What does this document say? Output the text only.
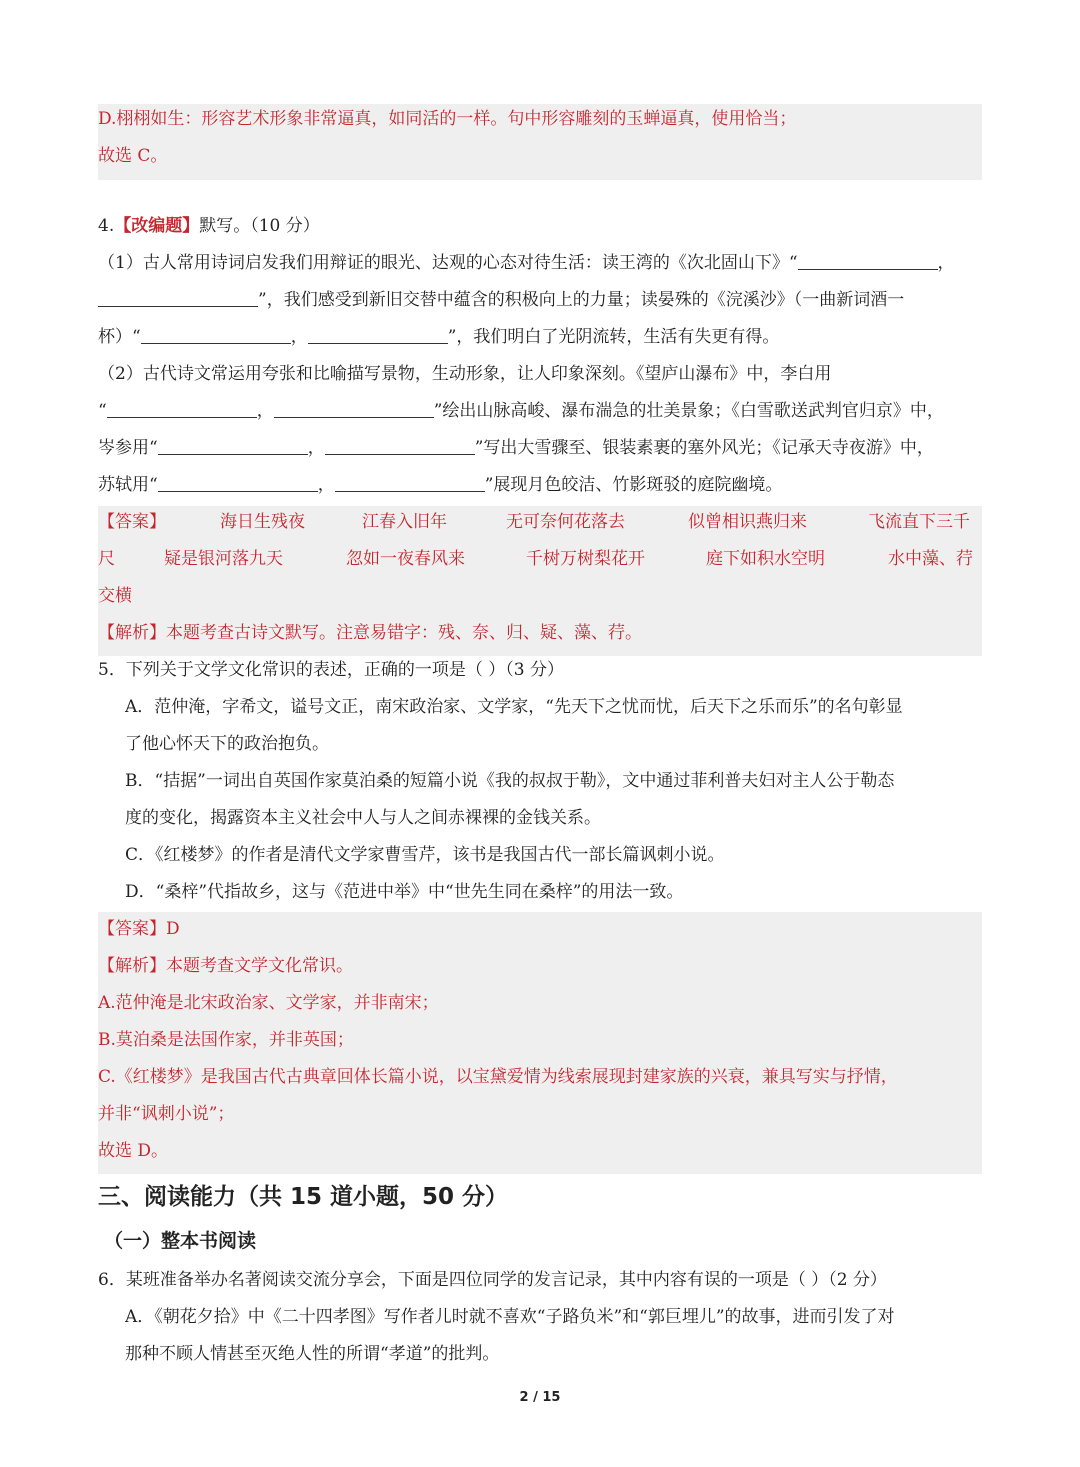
D.栩栩如生：形容艺术形象非常逼真，如同活的一样。句中形容雕刻的玉蝉逼真，使用恰当；
故选 C。
4.【改编题】默写。（10 分）
（1）古人常用诗词启发我们用辩证的眼光、达观的心态对待生活：读王湾的《次北固山下》“	，
”，我们感受到新旧交替中蕴含的积极向上的力量；读晏殊的《浣溪沙》（一曲新词酒一
杯）“	，	”，我们明白了光阴流转，生活有失更有得。
（2）古代诗文常运用夸张和比喻描写景物，生动形象，让人印象深刻。《望庐山瀑布》中，李白用
“	，	”绘出山脉高峻、瀑布湍急的壮美景象；《白雪歌送武判官归京》中，
岑参用“	，	”写出大雪骤至、银装素裹的塞外风光；《记承天寺夜游》中，
苏轼用“	，	”展现月色皎洁、竹影斑驳的庭院幽境。
【答案】	海日生残夜	江春入旧年	无可奈何花落去	似曾相识燕归来	飞流直下三千
尺	疑是银河落九天	忽如一夜春风来	千树万树梨花开	庭下如积水空明	水中藻、荇
交横
【解析】本题考查古诗文默写。注意易错字：残、奈、归、疑、藻、荇。
5．下列关于文学文化常识的表述，正确的一项是（ ）（3 分）
A．范仲淹，字希文，谥号文正，南宋政治家、文学家，“先天下之忧而忧，后天下之乐而乐”的名句彰显
了他心怀天下的政治抱负。
B．“拮据”一词出自英国作家莫泊桑的短篇小说《我的叔叔于勒》，文中通过菲利普夫妇对主人公于勒态
度的变化，揭露资本主义社会中人与人之间赤裸裸的金钱关系。
C．《红楼梦》的作者是清代文学家曹雪芹，该书是我国古代一部长篇讽刺小说。
D．“桑梓”代指故乡，这与《范进中举》中“世先生同在桑梓”的用法一致。
【答案】D
【解析】本题考查文学文化常识。
A.范仲淹是北宋政治家、文学家，并非南宋；
B.莫泊桑是法国作家，并非英国；
C.《红楼梦》是我国古代古典章回体长篇小说，以宝黛爱情为线索展现封建家族的兴衰，兼具写实与抒情，
并非“讽刺小说”；
故选 D。
三、阅读能力（共 15 道小题，50 分）
（一）整本书阅读
6．某班准备举办名著阅读交流分享会，下面是四位同学的发言记录，其中内容有误的一项是（ ）（2 分）
A．《朝花夕拾》中《二十四孝图》写作者儿时就不喜欢“子路负米”和“郭巨埋儿”的故事，进而引发了对
那种不顾人情甚至灭绝人性的所谓“孝道”的批判。
2 / 15
